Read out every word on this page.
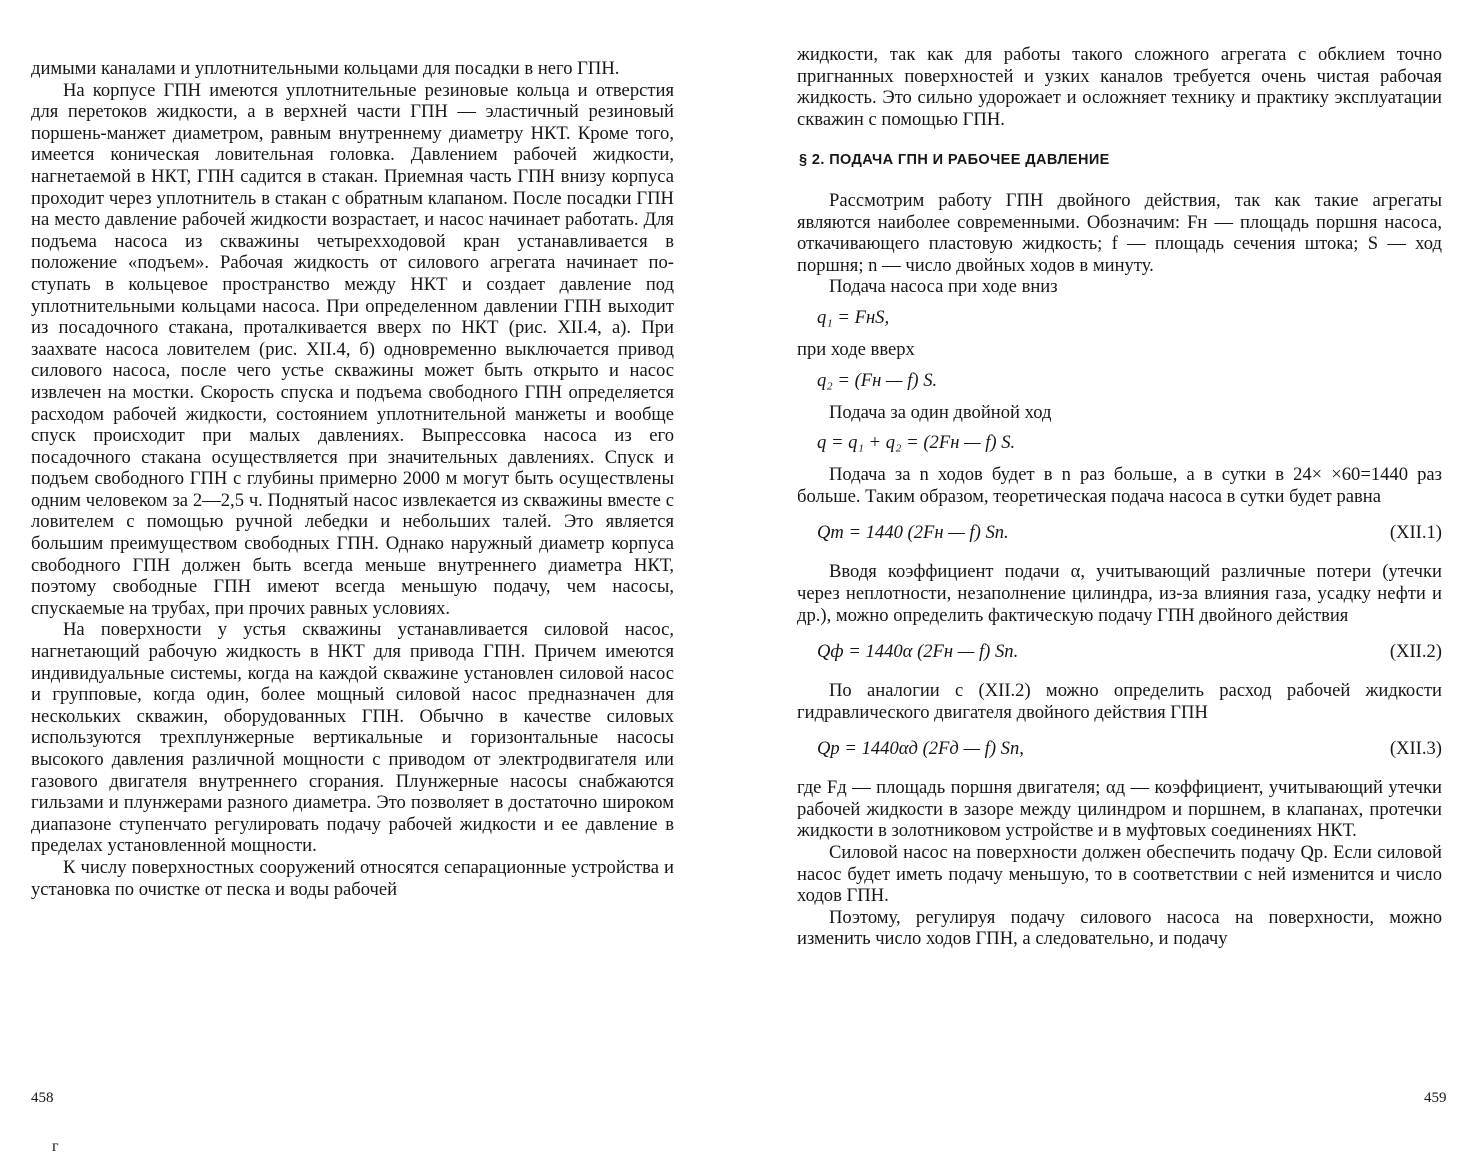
димыми каналами и уплотнительными кольцами для посадки в него ГПН.

На корпусе ГПН имеются уплотнительные резиновые кольца и отверстия для перетоков жидкости, а в верхней части ГПН — эластичный резиновый поршень-манжет диаметром, равным внутреннему диаметру НКТ. Кроме того, имеется коническая ловительная головка. Давлением рабочей жидкости, нагнетаемой в НКТ, ГПН садится в стакан. Приемная часть ГПН внизу корпуса проходит через уплотнитель в стакан с обратным клапаном. После посадки ГПН на место давление рабочей жидкости возрастает, и насос начинает работать. Для подъема насоса из скважины четырехходовой кран устанавливается в положение «подъем». Рабочая жидкость от силового агрегата начинает поступать в кольцевое пространство между НКТ и создает давление под уплотнительными кольцами насоса. При определенном давлении ГПН выходит из посадочного стакана, проталкивается вверх по НКТ (рис. XII.4, а). При заахвате насоса ловителем (рис. XII.4, б) одновременно выключается привод силового насоса, после чего устье скважины может быть открыто и насос извлечен на мостки. Скорость спуска и подъема свободного ГПН определяется расходом рабочей жидкости, состоянием уплотнительной манжеты и вообще спуск происходит при малых давлениях. Выпрессовка насоса из его посадочного стакана осуществляется при значительных давлениях. Спуск и подъем свободного ГПН с глубины примерно 2000 м могут быть осуществлены одним человеком за 2—2,5 ч. Поднятый насос извлекается из скважины вместе с ловителем с помощью ручной лебедки и небольших талей. Это является большим преимуществом свободных ГПН. Однако наружный диаметр корпуса свободного ГПН должен быть всегда меньше внутреннего диаметра НКТ, поэтому свободные ГПН имеют всегда меньшую подачу, чем насосы, спускаемые на трубах, при прочих равных условиях.

На поверхности у устья скважины устанавливается силовой насос, нагнетающий рабочую жидкость в НКТ для привода ГПН. Причем имеются индивидуальные системы, когда на каждой скважине установлен силовой насос и групповые, когда один, более мощный силовой насос предназначен для нескольких скважин, оборудованных ГПН. Обычно в качестве силовых используются трехплунжерные вертикальные и горизонтальные насосы высокого давления различной мощности с приводом от электродвигателя или газового двигателя внутреннего сгорания. Плунжерные насосы снабжаются гильзами и плунжерами разного диаметра. Это позволяет в достаточно широком диапазоне ступенчато регулировать подачу рабочей жидкости и ее давление в пределах установленной мощности.

К числу поверхностных сооружений относятся сепарационные устройства и установка по очистке от песка и воды рабочей

458
г

жидкости, так как для работы такого сложного агрегата с обклием точно пригнанных поверхностей и узких каналов требуется очень чистая рабочая жидкость. Это сильно удорожает и осложняет технику и практику эксплуатации скважин с помощью ГПН.

§ 2. ПОДАЧА ГПН И РАБОЧЕЕ ДАВЛЕНИЕ

Рассмотрим работу ГПН двойного действия, так как такие агрегаты являются наиболее современными. Обозначим: Fн — площадь поршня насоса, откачивающего пластовую жидкость; f — площадь сечения штока; S — ход поршня; n — число двойных ходов в минуту.

Подача насоса при ходе вниз

q₁ = FнS,

при ходе вверх

q₂ = (Fн — f) S.

Подача за один двойной ход

q = q₁ + q₂ = (2Fн — f) S.

Подача за n ходов будет в n раз больше, а в сутки в 24× ×60=1440 раз больше. Таким образом, теоретическая подача насоса в сутки будет равна

Qт = 1440 (2Fн — f) Sn.	(XII.1)

Вводя коэффициент подачи α, учитывающий различные потери (утечки через неплотности, незаполнение цилиндра, из-за влияния газа, усадку нефти и др.), можно определить фактическую подачу ГПН двойного действия

Qф = 1440α (2Fн — f) Sn.	(XII.2)

По аналогии с (XII.2) можно определить расход рабочей жидкости гидравлического двигателя двойного действия ГПН

Qр = 1440αд (2Fд — f) Sn,	(XII.3)

где Fд — площадь поршня двигателя; αд — коэффициент, учитывающий утечки рабочей жидкости в зазоре между цилиндром и поршнем, в клапанах, протечки жидкости в золотниковом устройстве и в муфтовых соединениях НКТ.

Силовой насос на поверхности должен обеспечить подачу Qр. Если силовой насос будет иметь подачу меньшую, то в соответствии с ней изменится и число ходов ГПН.

Поэтому, регулируя подачу силового насоса на поверхности, можно изменить число ходов ГПН, а следовательно, и подачу

459
